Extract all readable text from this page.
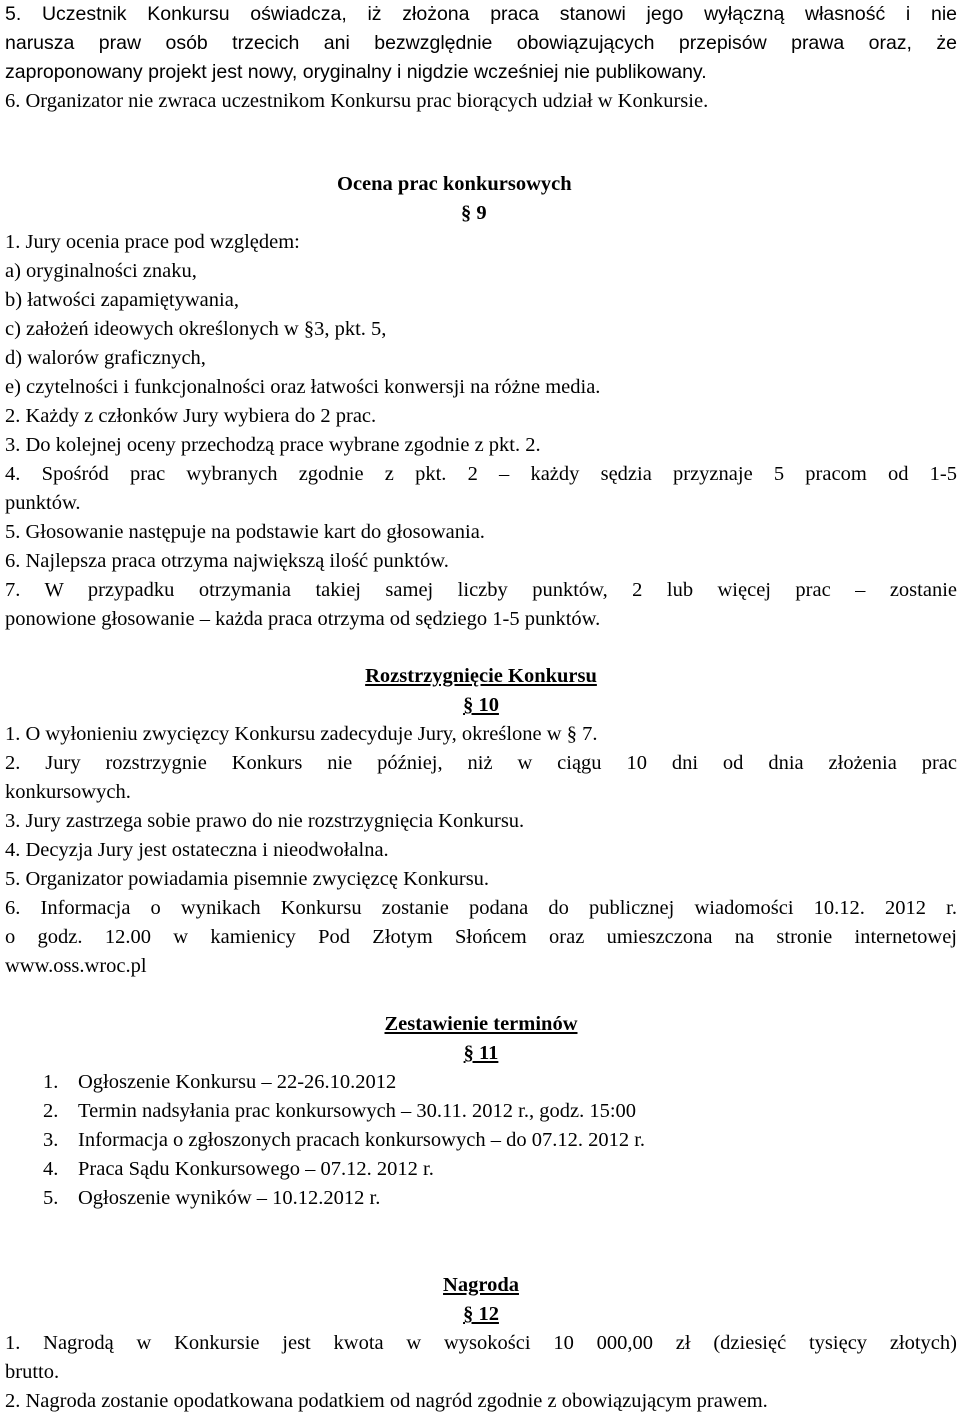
5. Uczestnik Konkursu oświadcza, iż złożona praca stanowi jego wyłączną własność i nie
narusza praw osób trzecich ani bezwzględnie obowiązujących przepisów prawa oraz, że
zaproponowany projekt jest nowy, oryginalny i nigdzie wcześniej nie publikowany.
6. Organizator nie zwraca uczestnikom Konkursu prac biorących udział w Konkursie.
Ocena prac konkursowych
§ 9
1. Jury ocenia prace pod względem:
a) oryginalności znaku,
b) łatwości zapamiętywania,
c) założeń ideowych określonych w §3, pkt. 5,
d) walorów graficznych,
e) czytelności i funkcjonalności oraz łatwości konwersji na różne media.
2. Każdy z członków Jury wybiera do 2 prac.
3. Do kolejnej oceny przechodzą prace wybrane zgodnie z pkt. 2.
4. Spośród prac wybranych zgodnie z pkt. 2 – każdy sędzia przyznaje 5 pracom od 1-5
punktów.
5. Głosowanie następuje na podstawie kart do głosowania.
6. Najlepsza praca otrzyma największą ilość punktów.
7. W przypadku otrzymania takiej samej liczby punktów, 2 lub więcej prac – zostanie
ponowione głosowanie – każda praca otrzyma od sędziego 1-5 punktów.
Rozstrzygnięcie Konkursu
§ 10
1. O wyłonieniu zwycięzcy Konkursu zadecyduje Jury, określone w § 7.
2. Jury rozstrzygnie Konkurs nie później, niż w ciągu 10 dni od dnia złożenia prac
konkursowych.
3. Jury zastrzega sobie prawo do nie rozstrzygnięcia Konkursu.
4. Decyzja Jury jest ostateczna i nieodwołalna.
5. Organizator powiadamia pisemnie zwycięzcę Konkursu.
6. Informacja o wynikach Konkursu zostanie podana do publicznej wiadomości 10.12. 2012 r.
o godz. 12.00 w kamienicy Pod Złotym Słońcem oraz umieszczona na stronie internetowej
www.oss.wroc.pl
Zestawienie terminów
§ 11
1. Ogłoszenie Konkursu – 22-26.10.2012
2. Termin nadsyłania prac konkursowych – 30.11. 2012 r., godz. 15:00
3. Informacja o zgłoszonych pracach konkursowych – do 07.12. 2012 r.
4. Praca Sądu Konkursowego – 07.12. 2012 r.
5. Ogłoszenie wyników – 10.12.2012 r.
Nagroda
§ 12
1. Nagrodą w Konkursie jest kwota w wysokości 10 000,00 zł (dziesięć tysięcy złotych)
brutto.
2. Nagroda zostanie opodatkowana podatkiem od nagród zgodnie z obowiązującym prawem.
